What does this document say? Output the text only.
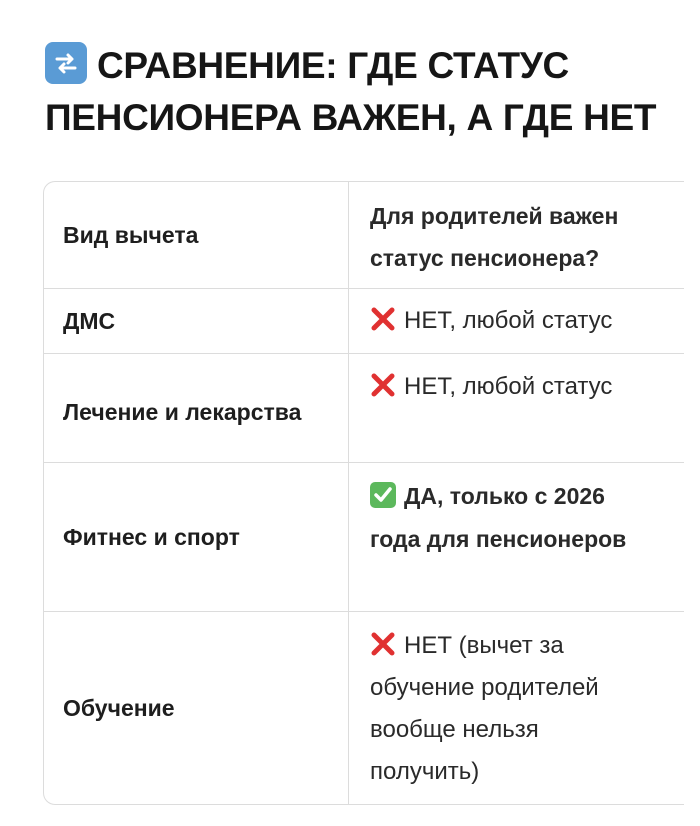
СРАВНЕНИЕ: ГДЕ СТАТУС
ПЕНСИОНЕРА ВАЖЕН, А ГДЕ НЕТ
Вид вычета
Для родителей важен
статус пенсионера?
ДМС	НЕТ, любой статус
Лечение и лекарства
НЕТ, любой статус
Фитнес и спорт
ДА, только с 2026
года для пенсионеров
Обучение
НЕТ (вычет за
обучение родителей
вообще нельзя
получить)
